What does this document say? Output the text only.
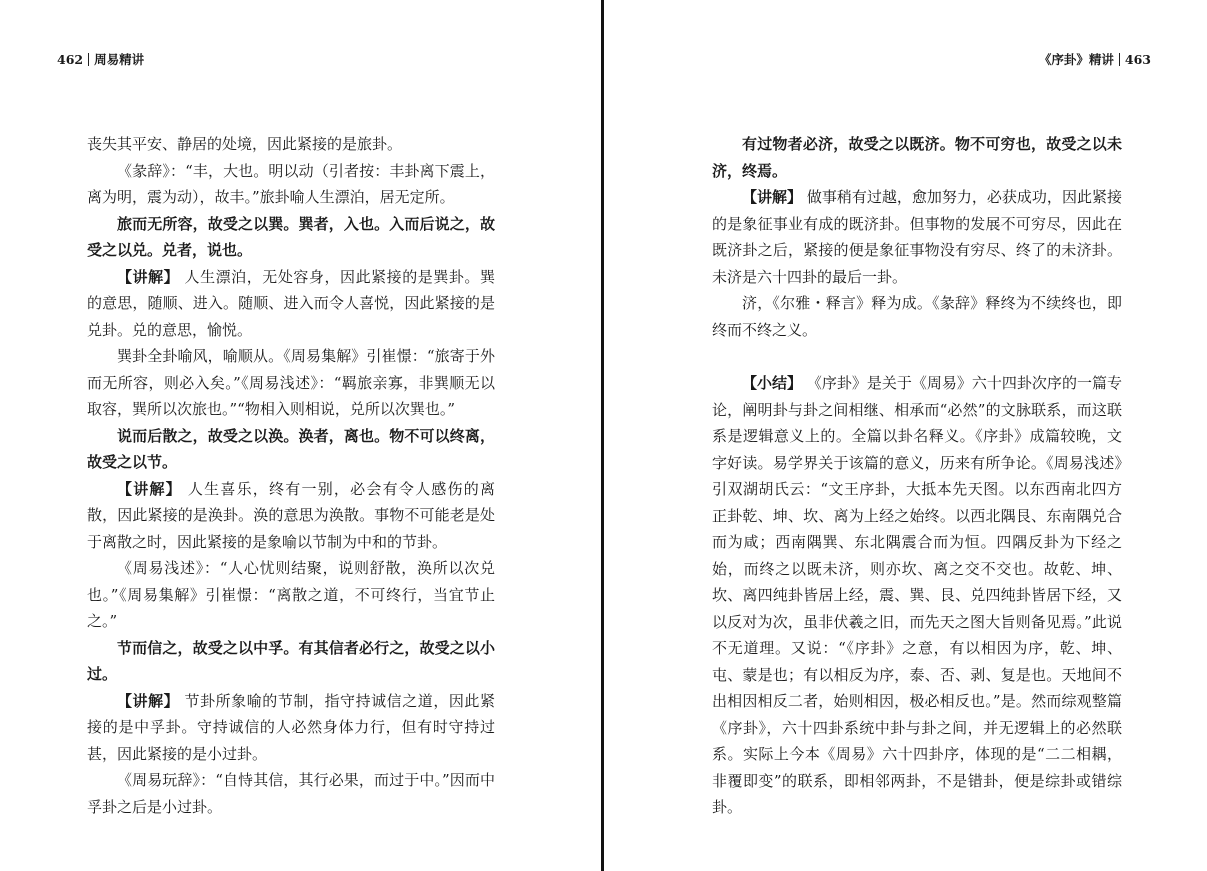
462 周易精讲

丧失其平安、静居的处境，因此紧接的是旅卦。

《彖辞》：“丰，大也。明以动（引者按：丰卦离下震上，离为明，震为动），故丰。”旅卦喻人生漂泊，居无定所。

旅而无所容，故受之以巽。巽者，入也。入而后说之，故受之以兑。兑者，说也。

【讲解】 人生漂泊，无处容身，因此紧接的是巽卦。巽的意思，随顺、进入。随顺、进入而令人喜悦，因此紧接的是兑卦。兑的意思，愉悦。

巽卦全卦喻风，喻顺从。《周易集解》引崔憬：“旅寄于外而无所容，则必入矣。”《周易浅述》：“羁旅亲寡，非巽顺无以取容，巽所以次旅也。”“物相入则相说，兑所以次巽也。”

说而后散之，故受之以涣。涣者，离也。物不可以终离，故受之以节。

【讲解】 人生喜乐，终有一别，必会有令人感伤的离散，因此紧接的是涣卦。涣的意思为涣散。事物不可能老是处于离散之时，因此紧接的是象喻以节制为中和的节卦。

《周易浅述》：“人心忧则结聚，说则舒散，涣所以次兑也。”《周易集解》引崔憬：“离散之道，不可终行，当宜节止之。”

节而信之，故受之以中孚。有其信者必行之，故受之以小过。

【讲解】 节卦所象喻的节制，指守持诚信之道，因此紧接的是中孚卦。守持诚信的人必然身体力行，但有时守持过甚，因此紧接的是小过卦。

《周易玩辞》：“自恃其信，其行必果，而过于中。”因而中孚卦之后是小过卦。

《序卦》精讲 463

有过物者必济，故受之以既济。物不可穷也，故受之以未济，终焉。

【讲解】 做事稍有过越，愈加努力，必获成功，因此紧接的是象征事业有成的既济卦。但事物的发展不可穷尽，因此在既济卦之后，紧接的便是象征事物没有穷尽、终了的未济卦。未济是六十四卦的最后一卦。

济，《尔雅・释言》释为成。《彖辞》释终为不续终也，即终而不终之义。

【小结】 《序卦》是关于《周易》六十四卦次序的一篇专论，阐明卦与卦之间相继、相承而“必然”的文脉联系，而这联系是逻辑意义上的。全篇以卦名释义。《序卦》成篇较晚，文字好读。易学界关于该篇的意义，历来有所争论。《周易浅述》引双湖胡氏云：“文王序卦，大抵本先天图。以东西南北四方正卦乾、坤、坎、离为上经之始终。以西北隅艮、东南隅兑合而为咸；西南隅巽、东北隅震合而为恒。四隅反卦为下经之始，而终之以既未济，则亦坎、离之交不交也。故乾、坤、坎、离四纯卦皆居上经，震、巽、艮、兑四纯卦皆居下经，又以反对为次，虽非伏羲之旧，而先天之图大旨则备见焉。”此说不无道理。又说：“《序卦》之意，有以相因为序，乾、坤、屯、蒙是也；有以相反为序，泰、否、剥、复是也。天地间不出相因相反二者，始则相因，极必相反也。”是。然而综观整篇《序卦》，六十四卦系统中卦与卦之间，并无逻辑上的必然联系。实际上今本《周易》六十四卦序，体现的是“二二相耦，非覆即变”的联系，即相邻两卦，不是错卦，便是综卦或错综卦。
